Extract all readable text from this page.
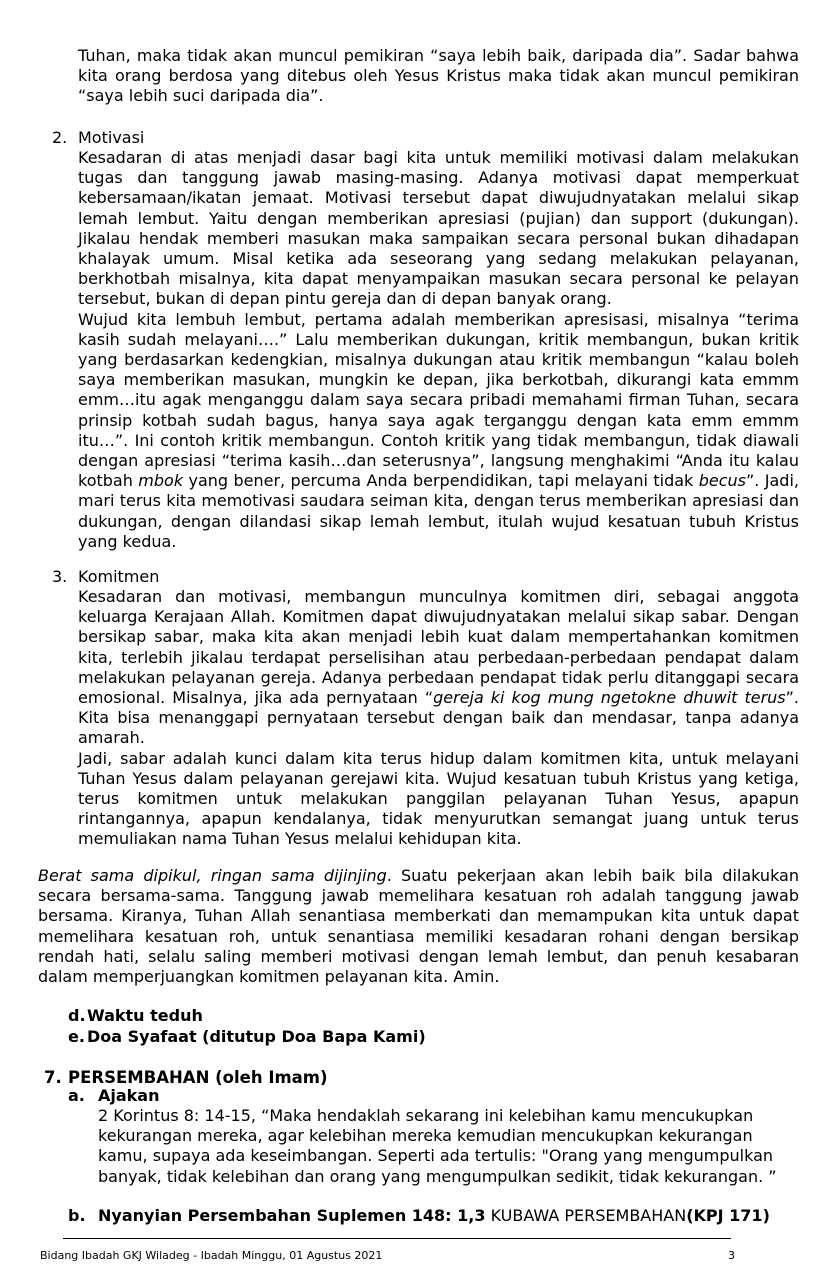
Tuhan, maka tidak akan muncul pemikiran “saya lebih baik, daripada dia”. Sadar bahwa kita orang berdosa yang ditebus oleh Yesus Kristus maka tidak akan muncul pemikiran “saya lebih suci daripada dia”.

2. Motivasi

Kesadaran di atas menjadi dasar bagi kita untuk memiliki motivasi dalam melakukan tugas dan tanggung jawab masing-masing. Adanya motivasi dapat memperkuat kebersamaan/ikatan jemaat. Motivasi tersebut dapat diwujudnyatakan melalui sikap lemah lembut. Yaitu dengan memberikan apresiasi (pujian) dan support (dukungan). Jikalau hendak memberi masukan maka sampaikan secara personal bukan dihadapan khalayak umum. Misal ketika ada seseorang yang sedang melakukan pelayanan, berkhotbah misalnya, kita dapat menyampaikan masukan secara personal ke pelayan tersebut, bukan di depan pintu gereja dan di depan banyak orang.

Wujud kita lembuh lembut, pertama adalah memberikan apresisasi, misalnya “terima kasih sudah melayani….” Lalu memberikan dukungan, kritik membangun, bukan kritik yang berdasarkan kedengkian, misalnya dukungan atau kritik membangun “kalau boleh saya memberikan masukan, mungkin ke depan, jika berkotbah, dikurangi kata emmm emm…itu agak menganggu dalam saya secara pribadi memahami firman Tuhan, secara prinsip kotbah sudah bagus, hanya saya agak terganggu dengan kata emm emmm itu…”. Ini contoh kritik membangun. Contoh kritik yang tidak membangun, tidak diawali dengan apresiasi “terima kasih…dan seterusnya”, langsung menghakimi “Anda itu kalau kotbah mbok yang bener, percuma Anda berpendidikan, tapi melayani tidak becus”. Jadi, mari terus kita memotivasi saudara seiman kita, dengan terus memberikan apresiasi dan dukungan, dengan dilandasi sikap lemah lembut, itulah wujud kesatuan tubuh Kristus yang kedua.

3. Komitmen

Kesadaran dan motivasi, membangun munculnya komitmen diri, sebagai anggota keluarga Kerajaan Allah. Komitmen dapat diwujudnyatakan melalui sikap sabar. Dengan bersikap sabar, maka kita akan menjadi lebih kuat dalam mempertahankan komitmen kita, terlebih jikalau terdapat perselisihan atau perbedaan-perbedaan pendapat dalam melakukan pelayanan gereja. Adanya perbedaan pendapat tidak perlu ditanggapi secara emosional. Misalnya, jika ada pernyataan “gereja ki kog mung ngetokne dhuwit terus”. Kita bisa menanggapi pernyataan tersebut dengan baik dan mendasar, tanpa adanya amarah.

Jadi, sabar adalah kunci dalam kita terus hidup dalam komitmen kita, untuk melayani Tuhan Yesus dalam pelayanan gerejawi kita. Wujud kesatuan tubuh Kristus yang ketiga, terus komitmen untuk melakukan panggilan pelayanan Tuhan Yesus, apapun rintangannya, apapun kendalanya, tidak menyurutkan semangat juang untuk terus memuliakan nama Tuhan Yesus melalui kehidupan kita.

Berat sama dipikul, ringan sama dijinjing. Suatu pekerjaan akan lebih baik bila dilakukan secara bersama-sama. Tanggung jawab memelihara kesatuan roh adalah tanggung jawab bersama. Kiranya, Tuhan Allah senantiasa memberkati dan memampukan kita untuk dapat memelihara kesatuan roh, untuk senantiasa memiliki kesadaran rohani dengan bersikap rendah hati, selalu saling memberi motivasi dengan lemah lembut, dan penuh kesabaran dalam memperjuangkan komitmen pelayanan kita. Amin.

d.Waktu teduh
e. Doa Syafaat (ditutup Doa Bapa Kami)
7. PERSEMBAHAN (oleh Imam)
a. Ajakan

2 Korintus 8: 14-15, “Maka hendaklah sekarang ini kelebihan kamu mencukupkan kekurangan mereka, agar kelebihan mereka kemudian mencukupkan kekurangan kamu, supaya ada keseimbangan. Seperti ada tertulis: "Orang yang mengumpulkan banyak, tidak kelebihan dan orang yang mengumpulkan sedikit, tidak kekurangan. ”

b. Nyanyian Persembahan Suplemen 148: 1,3 KUBAWA PERSEMBAHAN(KPJ 171)
Bidang Ibadah GKJ Wiladeg - Ibadah Minggu, 01 Agustus 2021	3
